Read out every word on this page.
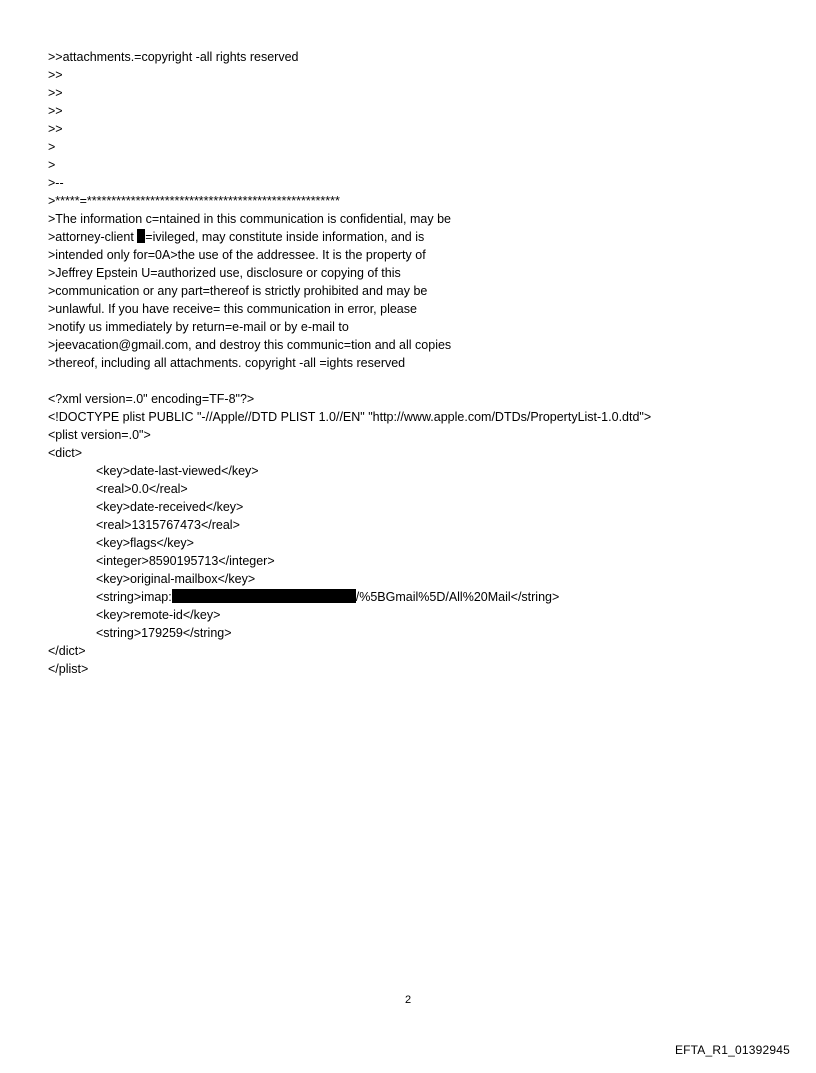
>>attachments.=copyright -all rights reserved
>>
>>
>>
>>
>
>
>--
>*****=****************************************************
>The information c=ntained in this communication is confidential, may be
>attorney-client =ivileged, may constitute inside information, and is
>intended only for=0A>the use of the addressee. It is the property of
>Jeffrey Epstein U=authorized use, disclosure or copying of this
>communication or any part=thereof is strictly prohibited and may be
>unlawful. If you have receive= this communication in error, please
>notify us immediately by return=e-mail or by e-mail to
>jeevacation@gmail.com, and destroy this communic=tion and all copies
>thereof, including all attachments. copyright -all =ights reserved
<?xml version=.0" encoding=TF-8"?>
<!DOCTYPE plist PUBLIC "-//Apple//DTD PLIST 1.0//EN" "http://www.apple.com/DTDs/PropertyList-1.0.dtd">
<plist version=.0">
<dict>
<key>date-last-viewed</key>
<real>0.0</real>
<key>date-received</key>
<real>1315767473</real>
<key>flags</key>
<integer>8590195713</integer>
<key>original-mailbox</key>
<string>imap:	/%5BGmail%5D/All%20Mail</string>
<key>remote-id</key>
<string>179259</string>
</dict>
</plist>
2
EFTA_R1_01392945
